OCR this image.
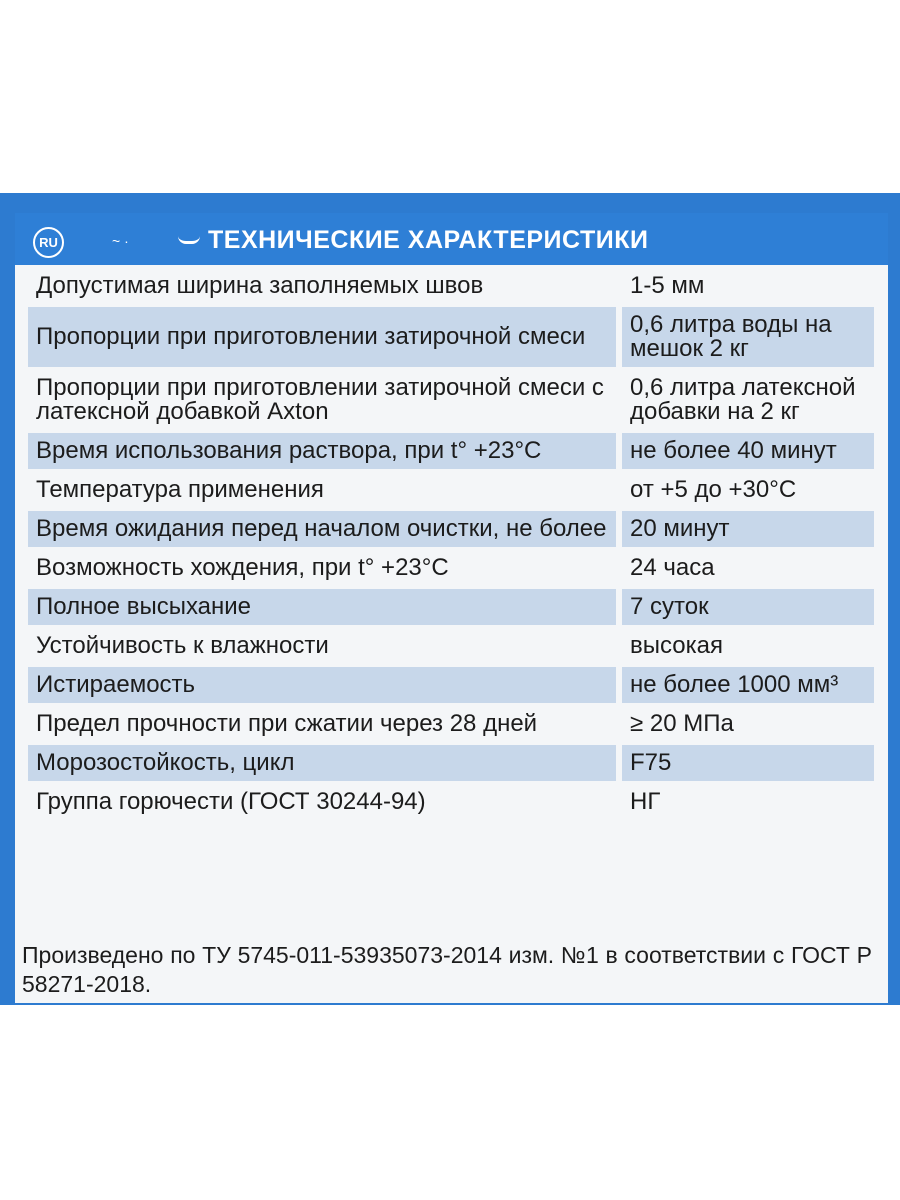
RU	~ ·	ТЕХНИЧЕСКИЕ ХАРАКТЕРИСТИКИ
Допустимая ширина заполняемых швов	1-5 мм
Пропорции при приготовлении затирочной смеси	0,6 литра воды на мешок 2 кг
Пропорции при приготовлении затирочной смеси с латексной добавкой Axton	0,6 литра латексной добавки на 2 кг
Время использования раствора, при t° +23°C	не более 40 минут
Температура применения	от +5 до +30°С
Время ожидания перед началом очистки, не более	20 минут
Возможность хождения, при t° +23°C	24 часа
Полное высыхание	7 суток
Устойчивость к влажности	высокая
Истираемость	не более 1000 мм³
Предел прочности при сжатии через 28 дней	≥ 20 МПа
Морозостойкость, цикл	F75
Группа горючести (ГОСТ 30244-94)	НГ
Произведено по ТУ 5745-011-53935073-2014 изм. №1 в соответствии с ГОСТ Р 58271-2018.
